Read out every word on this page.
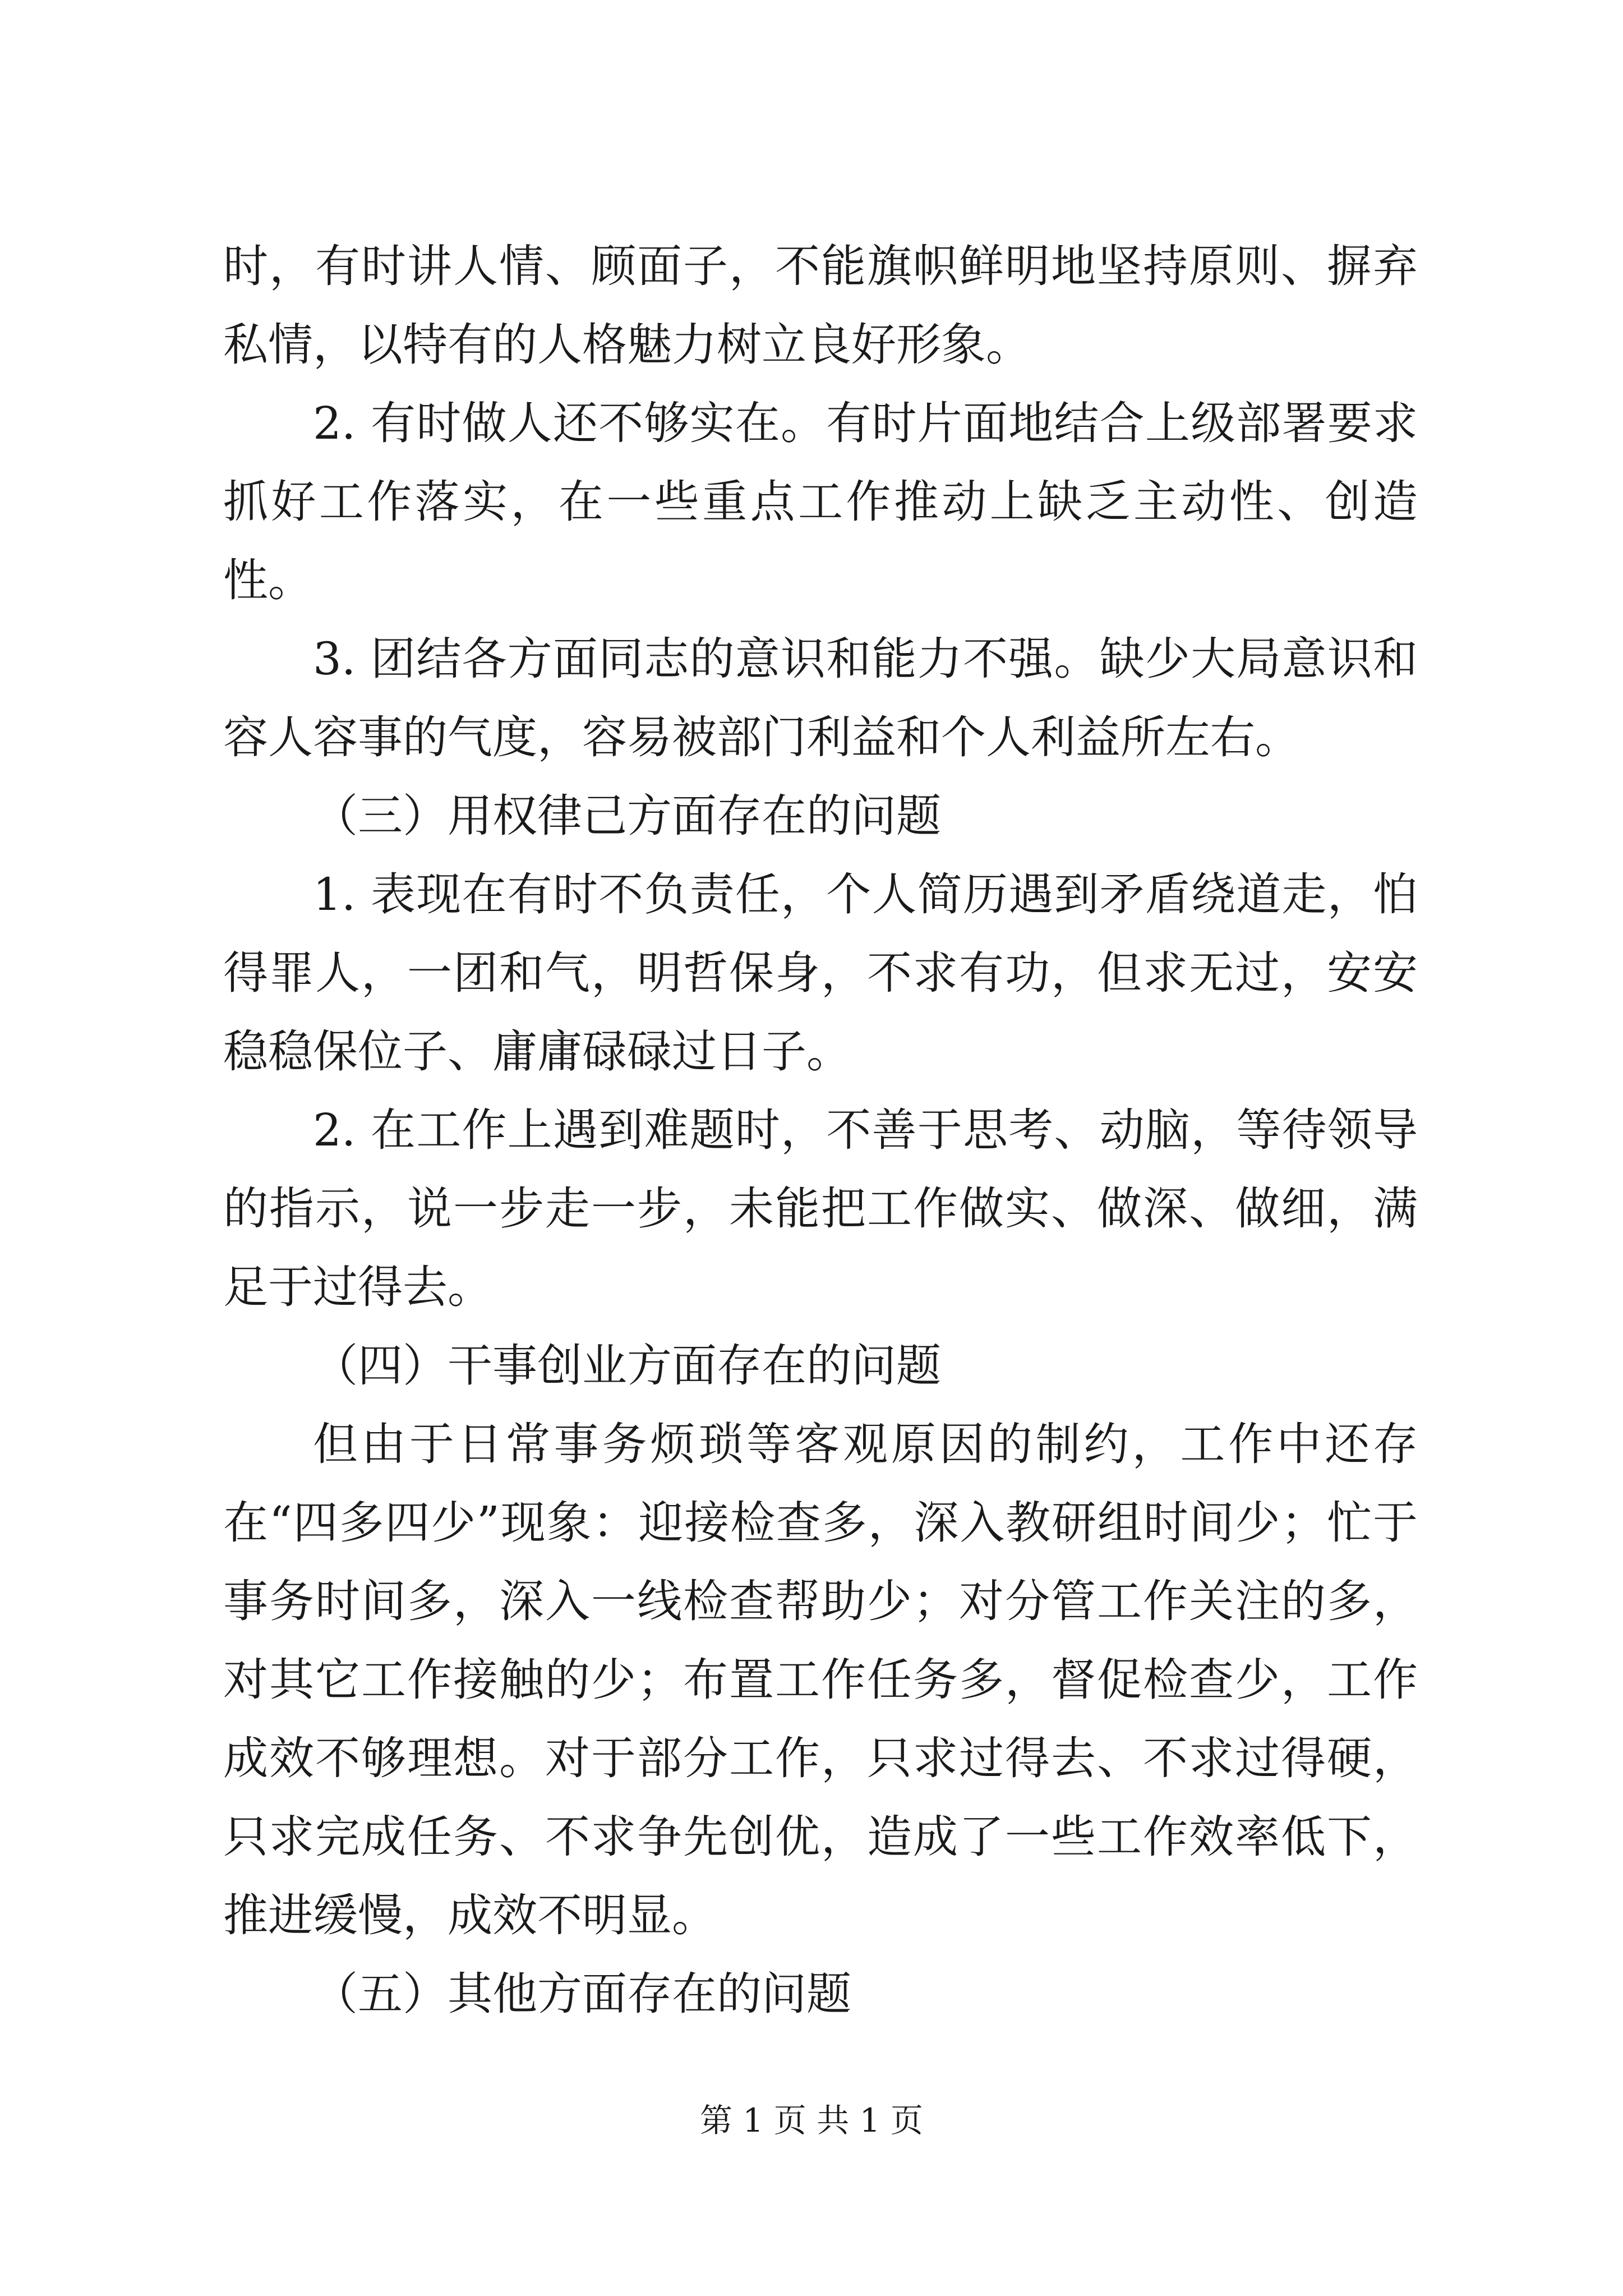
时，有时讲人情、顾面子，不能旗帜鲜明地坚持原则、摒弃私情，以特有的人格魅力树立良好形象。

2. 有时做人还不够实在。有时片面地结合上级部署要求抓好工作落实，在一些重点工作推动上缺乏主动性、创造性。

3. 团结各方面同志的意识和能力不强。缺少大局意识和容人容事的气度，容易被部门利益和个人利益所左右。

（三）用权律己方面存在的问题

1. 表现在有时不负责任，个人简历遇到矛盾绕道走，怕得罪人，一团和气，明哲保身，不求有功，但求无过，安安稳稳保位子、庸庸碌碌过日子。

2. 在工作上遇到难题时，不善于思考、动脑，等待领导的指示，说一步走一步，未能把工作做实、做深、做细，满足于过得去。

（四）干事创业方面存在的问题

但由于日常事务烦琐等客观原因的制约，工作中还存在“四多四少”现象：迎接检查多，深入教研组时间少；忙于事务时间多，深入一线检查帮助少；对分管工作关注的多，对其它工作接触的少；布置工作任务多，督促检查少，工作成效不够理想。对于部分工作，只求过得去、不求过得硬，只求完成任务、不求争先创优，造成了一些工作效率低下，推进缓慢，成效不明显。

（五）其他方面存在的问题

第 1 页 共 1 页
